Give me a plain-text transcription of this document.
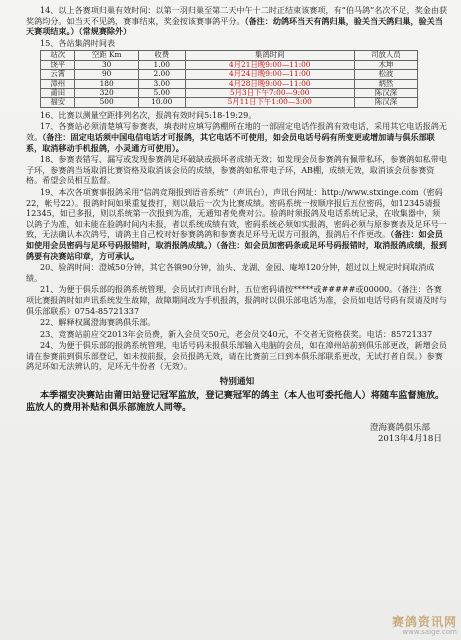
14、以上各赛项归巢有效时间：以第一羽归巢至第二天中午十二时正结束该赛项，有“伯马鸽”名次不足，奖金由获奖鸽均分。如当天不见鸽，赛事结束，奖金按该赛事鸽平分。（备注：幼鸽环当天有鸽归巢，验关当天鸽归巢，验关当天赛项结束。）（常规赛除外）

15、各站集鸽时间表

站次	空距 Km	收费	集鸽时间	司放人员
饶平	30	1.00	4月21日晚9:00—11:00	木坤
云霄	90	2.00	4月24日晚9:00—11:00	松波
漳州	180	3.00	4月28日晚9:00—11:00	炳然
莆田	320	5.00	5月3日下午7:00—9:00	陈汉深
福安	500	10.00	5月11日下午1:00—3:00	陈汉深

16、比赛以测量空距排列名次，报鸽有效时间5:18-19:29。

17、各赛站必须清楚填写参赛表，填表时应填写鸽棚所在地的一部固定电话作报鸽有效电话，采用其它电话报鸽无效。（备注：固定电话须中国电信电话才可报鸽，其它电话不可使用，如会员电话号码有所变更或增加请与俱乐部联系，取消移动手机报鸽，小灵通方可使用）。

18、参赛表错写、漏写或发现参赛鸽足环破缺或损坏者成绩无效；如发现会员参赛鸽有佩带私环，参赛鸽如私带电子环，参赛鸽当场取消比赛资格及取消该会员的成绩，参赛鸽如私带电子环，AB棚，成绩无效，取消该会员参赛资格。希望会员相互监督。

19、本次各项赛事报鸽采用“信鸽竞翔报到语音系统”（声讯台），声讯台网址：http://www.stxinge.com（密码22，帐号22）。报鸽时间如果重复拨打，则以最后一次为比赛成绩。密码系统一按顺序报后五位密码，如12345请报12345，如已多报，则以系统第一次报到为准，无通知者免费对公。验鸽时须报鸽及电话系统记录，在收集器中，须以鸽子为准，如未能在验鸽时间内未报，者以系统成绩有效，密码系统必须如实报鸽，密码必须与原参赛表及足环号一致，无法确认本次鸽号，请鸽主自己校对好参赛鸽鸽和参赛表足环号无误方可报鸽，报鸽后不作更改。（备注：如会员如使用会员密码与足环号码报错时，取消报鸽成绩。）（备注：如会员加密码条或足环号码报错时，取消报鸽成绩，报到鸽要有决赛站印章，方可承认。

20、验鸽时间：澄城50分钟，其它各镇90分钟，汕头、龙湖、金园、庵埠120分钟，超过以上规定时间取消成绩。

21、为便于俱乐部的报鸽系统管理，会员试打声讯台时，五位密码请按*****或#####或00000。（备注：各赛项比赛报鸽时如声讯系统发生故障，故障期间改为手机报鸽，报鸽时以俱乐部电话为准，会员如电话号码有误请及时与俱乐部联系）0754-85721337

22、解释权属澄海赛鸽俱乐部。

23、竞赛站前应交2013年会员费，新入会员交50元，老会员交40元，不交者无资格获奖。电话：85721337

24、为便于俱乐部的报鸽系统管理，电话号码未报俱乐部输入电脑的会员，如在漳州站前到俱乐部更改，新增会员请在参赛前到俱乐部登记，如未按前报，会员报鸽无效，请在比赛前三日到本俱乐部联系更改，无试打者自误。）参赛鸽足环如无法辨认的，足环无牛份者（无效）。

特别通知

本季福安决赛站由莆田站登记冠军监放，登记赛冠军的鸽主（本人也可委托他人）将随车监督施放。监放人的费用补贴和俱乐部施放人同等。

澄海赛鸽俱乐部

2013年4月18日

赛鸽资讯网
www.saige.com
